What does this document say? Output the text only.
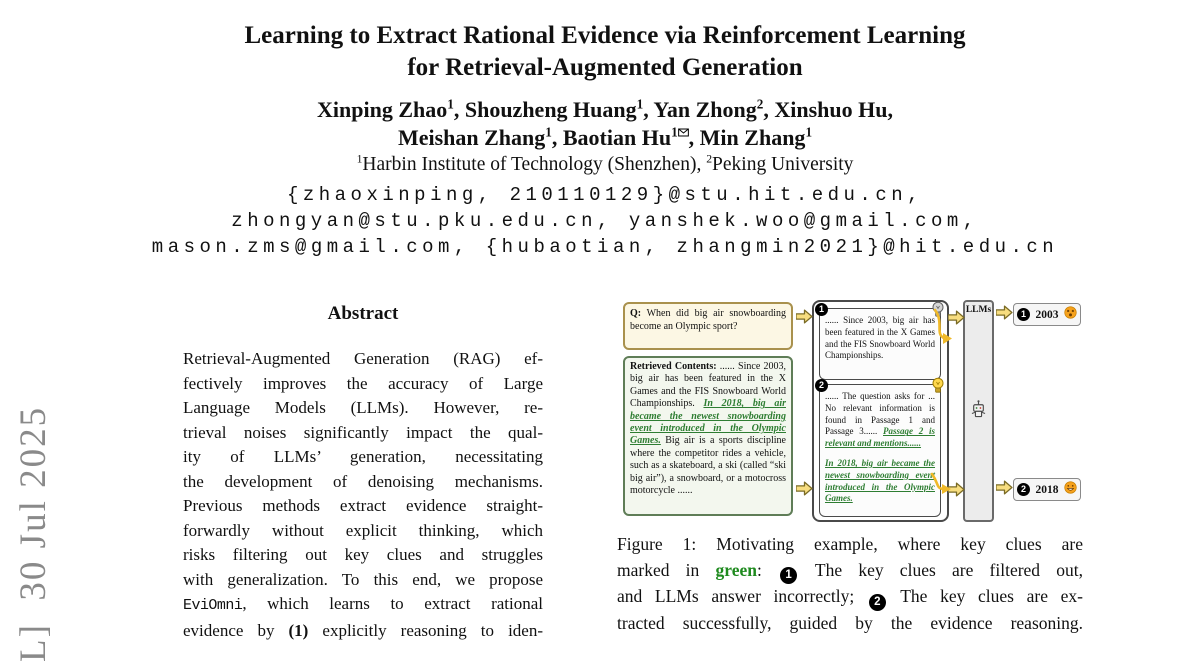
L]  30 Jul 2025
Learning to Extract Rational Evidence via Reinforcement Learning
for Retrieval-Augmented Generation
Xinping Zhao$^1$, Shouzheng Huang$^1$, Yan Zhong$^2$, Xinshuo Hu,
Meishan Zhang$^1$, Baotian Hu$^1$ , Min Zhang$^1$
$^1$Harbin Institute of Technology (Shenzhen), $^2$Peking University
{zhaoxinping, 210110129}@stu.hit.edu.cn,
zhongyan@stu.pku.edu.cn, yanshek.woo@gmail.com,
mason.zms@gmail.com, {hubaotian, zhangmin2021}@hit.edu.cn
Abstract
Retrieval-Augmented Generation (RAG) ef-
fectively improves the accuracy of Large
Language Models (LLMs). However, re-
trieval noises significantly impact the qual-
ity of LLMs’ generation, necessitating
the development of denoising mechanisms.
Previous methods extract evidence straight-
forwardly without explicit thinking, which
risks filtering out key clues and struggles
with generalization. To this end, we propose
EviOmni, which learns to extract rational
evidence by (1) explicitly reasoning to iden-
Q: When did big air snowboarding become an Olympic sport?
Retrieved Contents: ...... Since 2003, big air has been featured in the X Games and the FIS Snowboard World Championships. In 2018, big air became the newest snowboarding event introduced in the Olympic Games. Big air is a sports discipline where the competitor rides a vehicle, such as a skateboard, a ski (called “ski big air”), a snowboard, or a motocross motorcycle ......
1
...... Since 2003, big air has been featured in the X Games and the FIS Snowboard World Championships.
2
...... The question asks for ... No relevant information is found in Passage 1 and Passage 3...... Passage 2 is relevant and mentions......
In 2018, big air became the newest snowboarding event introduced in the Olympic Games.
LLMs	1 2003
2 2018
Figure 1: Motivating example, where key clues are
marked in green: 1 The key clues are filtered out,
and LLMs answer incorrectly; 2 The key clues are ex-
tracted successfully, guided by the evidence reasoning.
